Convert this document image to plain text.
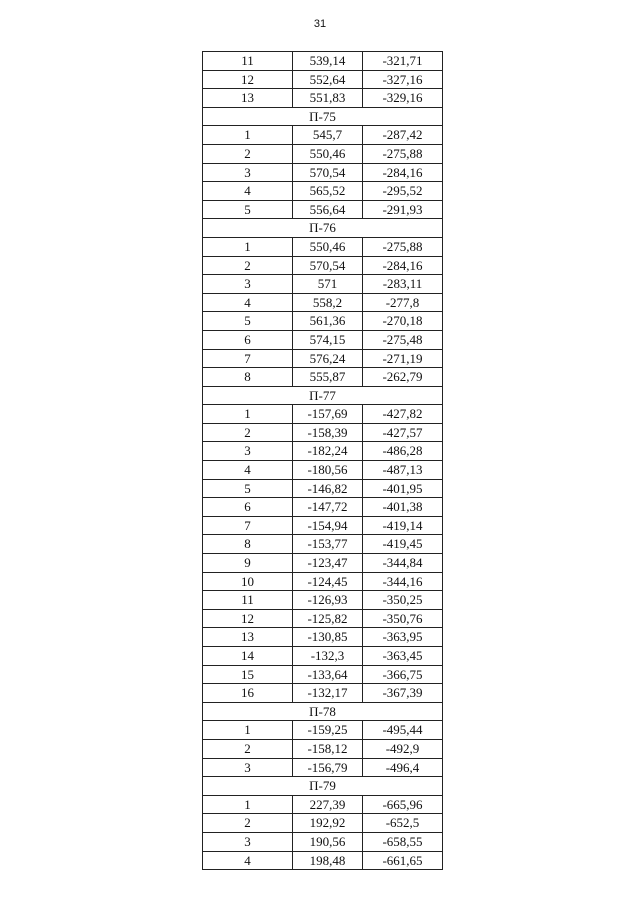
31
11	539,14	-321,71
12	552,64	-327,16
13	551,83	-329,16
П-75
1	545,7	-287,42
2	550,46	-275,88
3	570,54	-284,16
4	565,52	-295,52
5	556,64	-291,93
П-76
1	550,46	-275,88
2	570,54	-284,16
3	571	-283,11
4	558,2	-277,8
5	561,36	-270,18
6	574,15	-275,48
7	576,24	-271,19
8	555,87	-262,79
П-77
1	-157,69	-427,82
2	-158,39	-427,57
3	-182,24	-486,28
4	-180,56	-487,13
5	-146,82	-401,95
6	-147,72	-401,38
7	-154,94	-419,14
8	-153,77	-419,45
9	-123,47	-344,84
10	-124,45	-344,16
11	-126,93	-350,25
12	-125,82	-350,76
13	-130,85	-363,95
14	-132,3	-363,45
15	-133,64	-366,75
16	-132,17	-367,39
П-78
1	-159,25	-495,44
2	-158,12	-492,9
3	-156,79	-496,4
П-79
1	227,39	-665,96
2	192,92	-652,5
3	190,56	-658,55
4	198,48	-661,65
